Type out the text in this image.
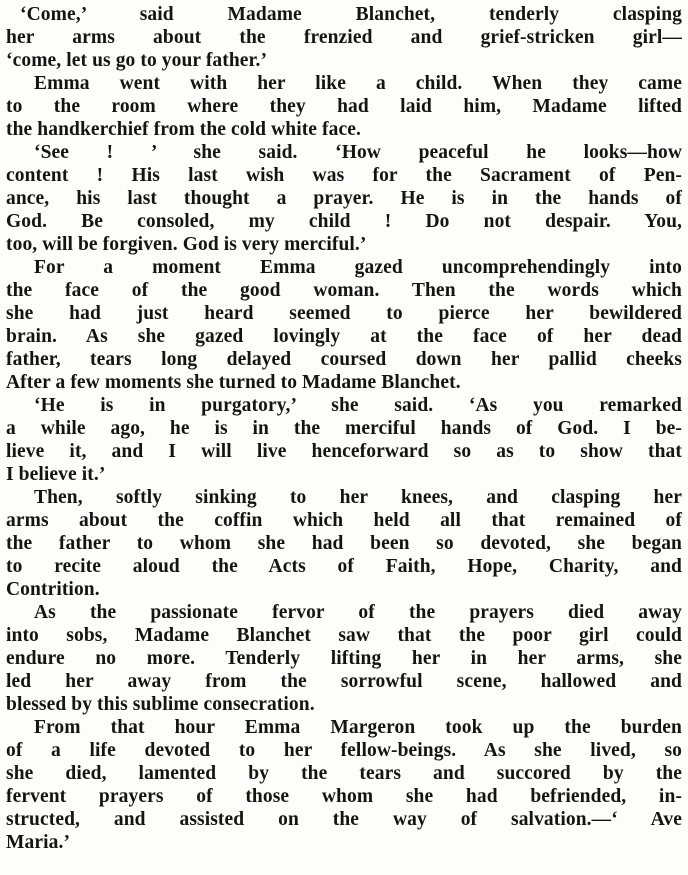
‘Come,’ said Madame Blanchet, tenderly clasping
her arms about the frenzied and grief-stricken girl—
‘come, let us go to your father.’
Emma went with her like a child. When they came
to the room where they had laid him, Madame lifted
the handkerchief from the cold white face.
‘See ! ’ she said. ‘How peaceful he looks—how
content ! His last wish was for the Sacrament of Pen-
ance, his last thought a prayer. He is in the hands of
God. Be consoled, my child ! Do not despair. You,
too, will be forgiven. God is very merciful.’
For a moment Emma gazed uncomprehendingly into
the face of the good woman. Then the words which
she had just heard seemed to pierce her bewildered
brain. As she gazed lovingly at the face of her dead
father, tears long delayed coursed down her pallid cheeks
After a few moments she turned to Madame Blanchet.
‘He is in purgatory,’ she said. ‘As you remarked
a while ago, he is in the merciful hands of God. I be-
lieve it, and I will live henceforward so as to show that
I believe it.’
Then, softly sinking to her knees, and clasping her
arms about the coffin which held all that remained of
the father to whom she had been so devoted, she began
to recite aloud the Acts of Faith, Hope, Charity, and
Contrition.
As the passionate fervor of the prayers died away
into sobs, Madame Blanchet saw that the poor girl could
endure no more. Tenderly lifting her in her arms, she
led her away from the sorrowful scene, hallowed and
blessed by this sublime consecration.
From that hour Emma Margeron took up the burden
of a life devoted to her fellow-beings. As she lived, so
she died, lamented by the tears and succored by the
fervent prayers of those whom she had befriended, in-
structed, and assisted on the way of salvation.—‘ Ave
Maria.’
